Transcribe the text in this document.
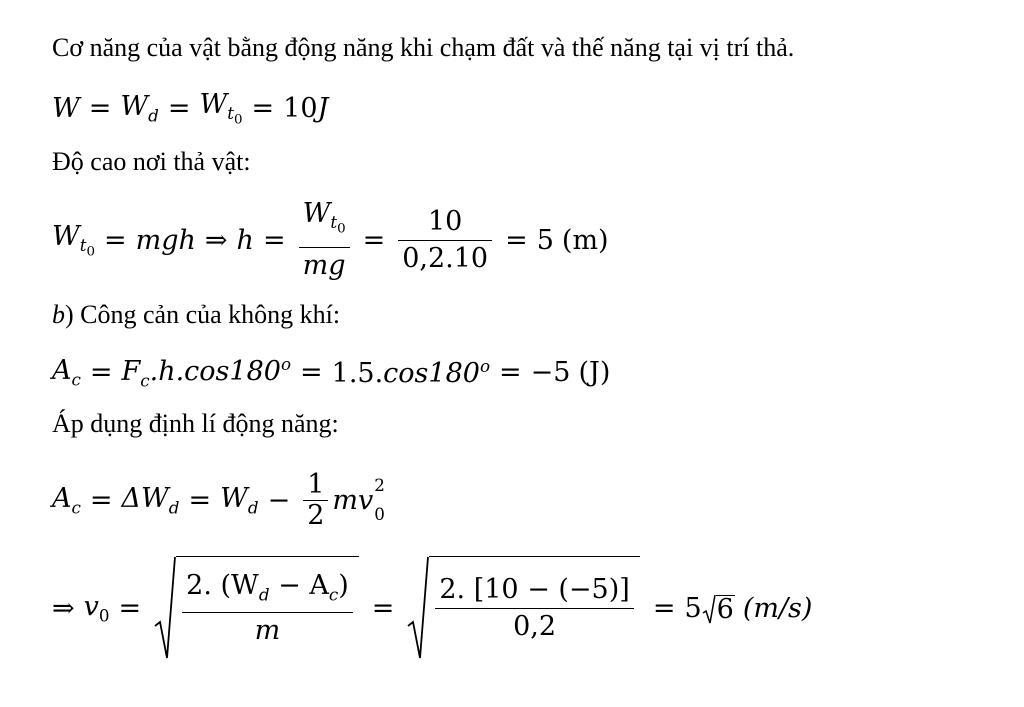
Cơ năng của vật bằng động năng khi chạm đất và thế năng tại vị trí thả.
$W = W_d = W_{t_0} = 10J$
Độ cao nơi thả vật:
$W_{t_0}$ = mgh ⇒ $h = \frac{W_{t_0}}{mg} = \frac{10}{0,2.10} = 5$ (m)
b) Công cản của không khí:
$A_c = F_c.h.\cos 180^o = 1.5.\cos 180^o = -5$ (J)
Áp dụng định lí động năng:
$A_c = \Delta W_d = W_d - \frac{1}{2}$ mv 2
0
⇒ $v_0 = \frac{2. (W_d - A_c)}{m} = \frac{2. [10 - (-5)]}{0,2} = 5$ 6 (m/s)
